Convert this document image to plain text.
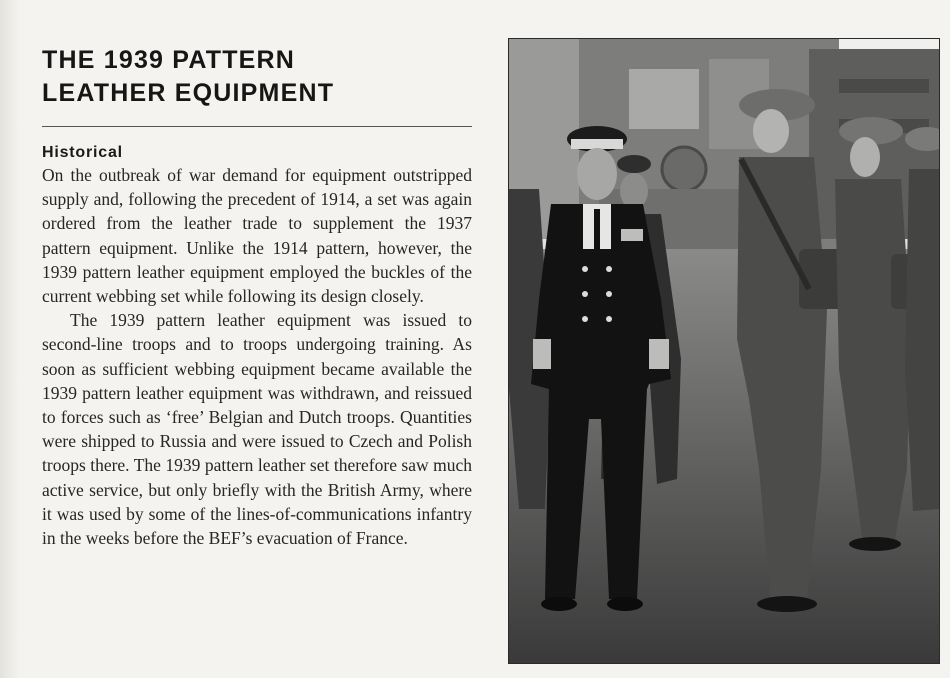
THE 1939 PATTERN
LEATHER EQUIPMENT
Historical

On the outbreak of war demand for equipment outstripped supply and, following the precedent of 1914, a set was again ordered from the leather trade to supplement the 1937 pattern equipment. Unlike the 1914 pattern, however, the 1939 pattern leather equipment employed the buckles of the current webbing set while following its design closely.

The 1939 pattern leather equipment was issued to second-line troops and to troops undergoing training. As soon as sufficient webbing equipment became available the 1939 pattern leather equipment was withdrawn, and reissued to forces such as ‘free’ Belgian and Dutch troops. Quantities were shipped to Russia and were issued to Czech and Polish troops there. The 1939 pattern leather set therefore saw much active service, but only briefly with the British Army, where it was used by some of the lines-of-communications infantry in the weeks before the BEF’s evacuation of France.
